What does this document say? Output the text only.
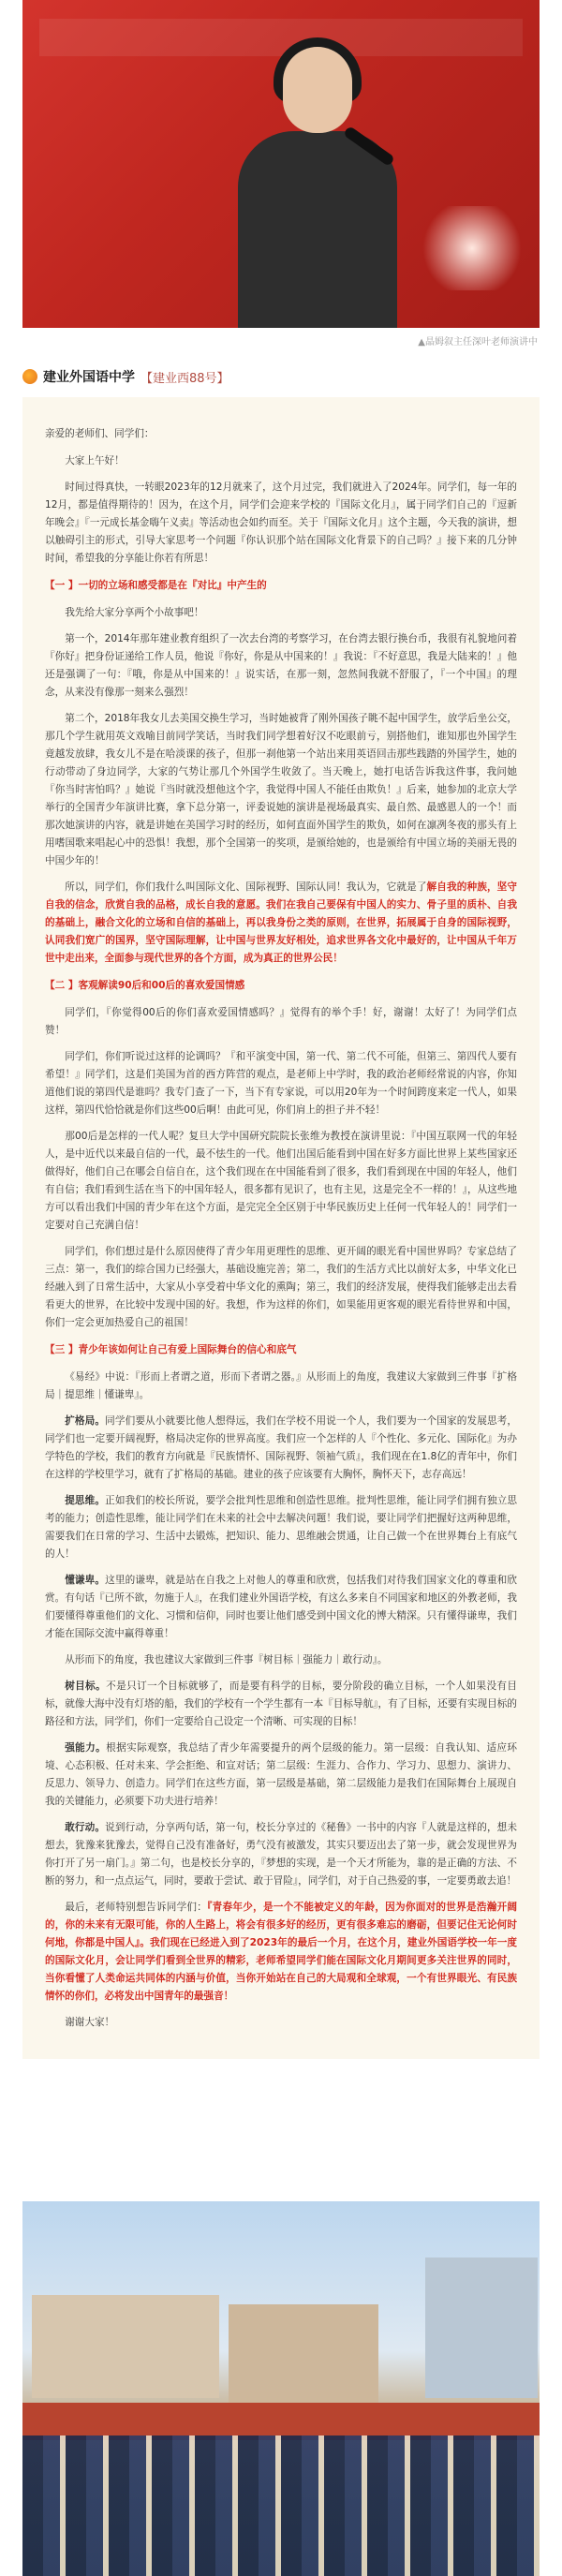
▲晶姆叙主任深叶老师演讲中
建业外国语中学 【建业西88号】

亲爱的老师们、同学们：

大家上午好！

时间过得真快，一转眼2023年的12月就来了，这个月过完，我们就进入了2024年。同学们，每一年的12月，都是值得期待的！因为，在这个月，同学们会迎来学校的『国际文化月』，属于同学们自己的『逗新年晚会』『一元成长基金嗨午义卖』等活动也会如约而至。关于『国际文化月』这个主题，今天我的演讲，想以触碍引主的形式，引导大家思考一个问题『你认识那个站在国际文化背景下的自己吗？』接下来的几分钟时间，希望我的分享能让你若有所思！

【一 】一切的立场和感受都是在『对比』中产生的

我先给大家分享两个小故事吧！

第一个，2014年那年建业教育组织了一次去台湾的考察学习，在台湾去银行换台币，我很有礼貌地问着『你好』把身份证递给工作人员，他说『你好，你是从中国来的！』我说：『不好意思，我是大陆来的！』他还是强调了一句：『哦，你是从中国来的！』说实话，在那一刻，忽然间我就不舒服了，『一个中国』的理念，从来没有像那一刻来么强烈！

第二个，2018年我女儿去美国交换生学习，当时她被背了刚外国孩子眺不起中国学生，放学后坐公交，那几个学生就用英文戏喻目前同学笑话，当时我们同学想着好汉不吃眼前亏，别搭他们，谁知那也外国学生竟越发放肆，我女儿不是在哈淡课的孩子，但那一刹他第一个站出来用英语回击那些践踏的外国学生，她的行动带动了身边同学，大家的气势让那几个外国学生收敛了。当天晚上，她打电话告诉我这件事，我问她『你当时害怕吗？』她说『当时就没想他这个字，我觉得中国人不能任由欺负！』后来，她参加的北京大学举行的全国青少年演讲比赛，拿下总分第一，评委说她的演讲是视场最真实、最自然、最感恩人的一个！而那次她演讲的内容，就是讲她在美国学习时的经历，如何直面外国学生的欺负，如何在凛冽冬夜的那头有上用嗜国歌来唱起心中的恐惧！我想，那个全国第一的奖项，是颁给她的，也是颁给有中国立场的美丽无畏的中国少年的！

所以，同学们，你们我什么叫国际文化、国际视野、国际认同！我认为，它就是了解自我的种族，坚守自我的信念，欣赏自我的品格，成长自我的意愿。我们在我自己要保有中国人的实力、骨子里的质朴、自我的基础上，融合文化的立场和自信的基础上，再以我身份之类的原则，在世界，拓展属于自身的国际视野，认同我们宽广的国界，坚守国际理解，让中国与世界友好相处，追求世界各文化中最好的，让中国从千年万世中走出来，全面参与现代世界的各个方面，成为真正的世界公民！

【二 】客观解读90后和00后的喜欢爱国情感

同学们，『你觉得00后的你们喜欢爱国情感吗？』觉得有的举个手！好，谢谢！太好了！为同学们点赞！

同学们，你们听说过这样的论调吗？『和平演变中国，第一代、第二代不可能，但第三、第四代人要有希望！』同学们，这是们美国为首的西方阵营的观点，是老师上中学时，我的政治老师经常说的内容，你知道他们说的第四代是谁吗？我专门查了一下，当下有专家说，可以用20年为一个时间跨度来定一代人，如果这样，第四代恰恰就是你们这些00后啊！由此可见，你们肩上的担子并不轻！

那00后是怎样的一代人呢？复旦大学中国研究院院长张维为教授在演讲里说：『中国互联网一代的年轻人，是中近代以来最自信的一代，最不怯生的一代。他们出国后能看到中国在好多方面比世界上某些国家还做得好，他们自己在哪会自信自在，这个我们现在在中国能看到了很多，我们看到现在中国的年轻人，他们有自信；我们看到生活在当下的中国年轻人，很多都有见识了，也有主见，这是完全不一样的！』，从这些地方可以看出我们中国的青少年在这个方面，是完完全全区别于中华民族历史上任何一代年轻人的！同学们一定要对自己充满自信！

同学们，你们想过是什么原因使得了青少年用更理性的思维、更开阔的眼光看中国世界吗？专家总结了三点：第一，我们的综合国力已经强大，基础设施完善；第二，我们的生活方式比以前好太多，中华文化已经融入到了日常生活中，大家从小享受着中华文化的熏陶；第三，我们的经济发展，使得我们能够走出去看看更大的世界，在比较中发现中国的好。我想，作为这样的你们，如果能用更客观的眼光看待世界和中国，你们一定会更加热爱自己的祖国！

【三 】青少年该如何让自己有爱上国际舞台的信心和底气

《易经》中说：『形而上者谓之道，形而下者谓之器。』从形而上的角度，我建议大家做到三件事『扩格局｜提思维｜懂谦卑』。

扩格局。同学们要从小就要比他人想得远，我们在学校不用说一个人，我们要为一个国家的发展思考，同学们也一定要开阔视野，格局决定你的世界高度。我们应一个怎样的人『个性化、多元化、国际化』为办学特色的学校，我们的教育方向就是『民族情怀、国际视野、领袖气质』，我们现在在1.8亿的青年中，你们在这样的学校里学习，就有了扩格局的基础。建业的孩子应该要有大胸怀，胸怀天下，志存高远！

提思维。正如我们的校长所说，要学会批判性思维和创造性思维。批判性思维，能让同学们拥有独立思考的能力；创造性思维，能让同学们在未来的社会中去解决问题！我们说，要让同学们把握好这两种思维，需要我们在日常的学习、生活中去锻炼，把知识、能力、思维融会贯通，让自己做一个在世界舞台上有底气的人！

懂谦卑。这里的谦卑，就是站在自我之上对他人的尊重和欣赏，包括我们对待我们国家文化的尊重和欣赏。有句话『已所不欲，勿施于人』，在我们建业外国语学校，有这么多来自不同国家和地区的外教老师，我们要懂得尊重他们的文化、习惯和信仰，同时也要让他们感受到中国文化的博大精深。只有懂得谦卑，我们才能在国际交流中赢得尊重！

从形而下的角度，我也建议大家做到三件事『树目标｜强能力｜敢行动』。

树目标。不是只订一个目标就够了，而是要有科学的目标，要分阶段的确立目标，一个人如果没有目标，就像大海中没有灯塔的船，我们的学校有一个学生都有一本『目标导航』，有了目标，还要有实现目标的路径和方法，同学们，你们一定要给自己设定一个清晰、可实现的目标！

强能力。根据实际观察，我总结了青少年需要提升的两个层级的能力。第一层级：自我认知、适应环境、心态积极、任对未来、学会拒绝、和宣对话；第二层级：生涯力、合作力、学习力、思想力、演讲力、反思力、领导力、创造力。同学们在这些方面，第一层级是基础，第二层级能力是我们在国际舞台上展现自我的关键能力，必须要下功夫进行培养！

敢行动。说到行动，分享两句话，第一句，校长分享过的《秘鲁》一书中的内容『人就是这样的，想未想去，犹豫来犹豫去，觉得自己没有准备好，勇气没有被激发，其实只要迈出去了第一步，就会发现世界为你打开了另一扇门。』第二句，也是校长分享的，『梦想的实现，是一个天才所能为，靠的是正确的方法、不断的努力，和一点点运气，同时，要敢于尝试、敢于冒险』，同学们，对于自己热爱的事，一定要勇敢去追！

最后，老师特别想告诉同学们：『青春年少，是一个不能被定义的年龄，因为你面对的世界是浩瀚开阔的，你的未来有无限可能，你的人生路上，将会有很多好的经历，更有很多难忘的磨砺，但要记住无论何时何地，你都是中国人』。我们现在已经进入到了2023年的最后一个月，在这个月，建业外国语学校一年一度的国际文化月，会让同学们看到全世界的精彩，老师希望同学们能在国际文化月期间更多关注世界的同时，当你看懂了人类命运共同体的内涵与价值，当你开始站在自己的大局观和全球观，一个有世界眼光、有民族情怀的你们，必将发出中国青年的最强音！

谢谢大家！
